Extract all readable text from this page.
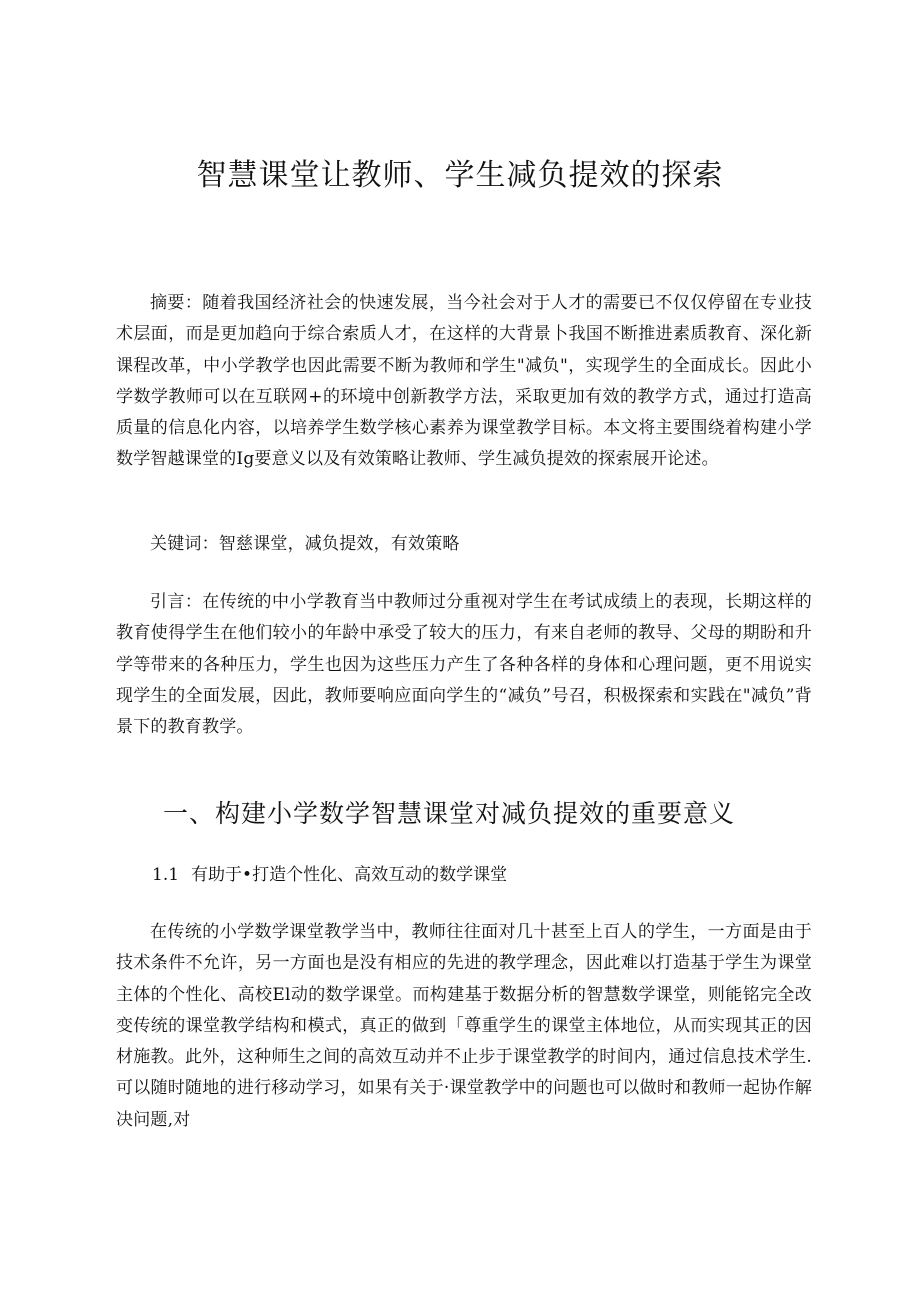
智慧课堂让教师、学生减负提效的探索

摘要：随着我国经济社会的快速发展，当今社会对于人才的需要已不仅仅停留在专业技术层面，而是更加趋向于综合索质人才，在这样的大背景卜我国不断推进素质教育、深化新课程改革，中小学教学也因此需要不断为教师和学生"减负"，实现学生的全面成长。因此小学数学教师可以在互联网+的环境中创新教学方法，采取更加有效的教学方式，通过打造高质量的信息化内容，以培养学生数学核心素养为课堂教学目标。本文将主要围绕着构建小学数学智越课堂的Ig要意义以及有效策略让教师、学生减负提效的探索展开论述。

关键词：智慈课堂，减负提效，有效策略

引言：在传统的中小学教育当中教师过分重视对学生在考试成绩上的表现，长期这样的教育使得学生在他们较小的年龄中承受了较大的压力，有来自老师的教导、父母的期盼和升学等带来的各种压力，学生也因为这些压力产生了各种各样的身体和心理问题，更不用说实现学生的全面发展，因此，教师要响应面向学生的“减负”号召，积极探索和实践在"减负”背景下的教育教学。

一、构建小学数学智慧课堂对减负提效的重要意义
1.1 有助于•打造个性化、高效互动的数学课堂

在传统的小学数学课堂教学当中，教师往往面对几十甚至上百人的学生，一方面是由于技术条件不允许，另一方面也是没有相应的先进的教学理念，因此难以打造基于学生为课堂主体的个性化、高校El动的数学课堂。而构建基于数据分析的智慧数学课堂，则能铭完全改变传统的课堂教学结构和模式，真正的做到「尊重学生的课堂主体地位，从而实现其正的因材施教。此外，这种师生之间的高效互动并不止步于课堂教学的时间内，通过信息技术学生.可以随时随地的进行移动学习，如果有关于·课堂教学中的问题也可以做时和教师一起协作解决问题,对
